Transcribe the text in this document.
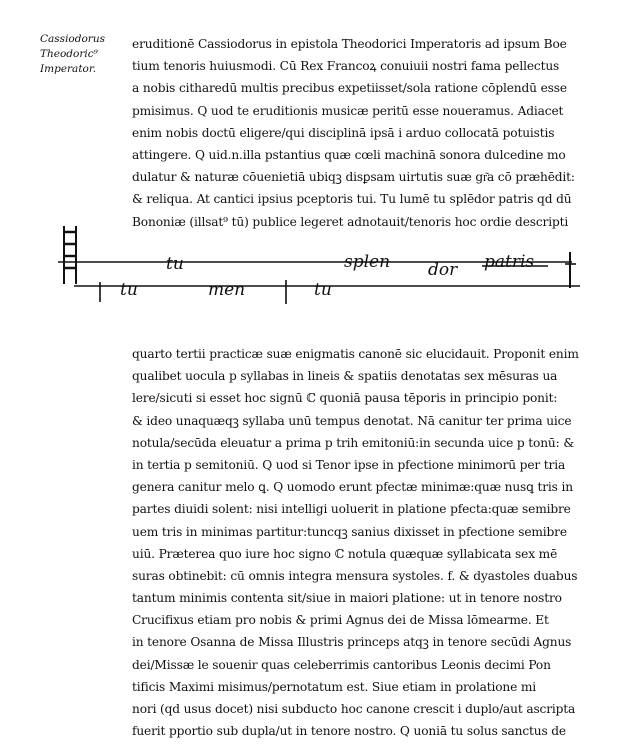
Cassiodorus
Theodoric⁹
Imperator.
eruditionē Cassiodorus in epistola Theodorici Imperatoris ad ipsum Boe
tium tenoris huiusmodi. Cū Rex Francoꝝ conuiuii nostri fama pellectus
a nobis citharedū multis precibus expetiisset/sola ratione cōplendū esse
pmisimus. Q uod te eruditionis musicæ peritū esse noueramus. Adiacet
enim nobis doctū eligere/qui disciplinā ipsā i arduo collocatā potuistis
attingere. Q uid.n.illa pstantius quæ cœli machinā sonora dulcedine mo
dulatur & naturæ cōuenietiā ubiqꝫ disꝑsam uirtutis suæ gr͂a cō præhēdit:
& reliqua. At cantici ipsius pceptoris tui. Tu lumē tu splēdor patris qd dū
Bononiæ (illsat⁹ tū) publice legeret adnotauit/tenoris hoc ordie descripti
tu	splen dor patris
tu	men	tu
quarto tertii practicæ suæ enigmatis canonē sic elucidauit. Proponit enim
qualibet uocula p syllabas in lineis & spatiis denotatas sex mēsuras ua
lere/sicuti si esset hoc signū ℂ quoniā pausa tēporis in principio ponit:
& ideo unaquæqꝫ syllaba unū tempus denotat. Nā canitur ter prima uice
notula/secūda eleuatur a prima p trih emitoniū:in secunda uice p tonū: &
in tertia p semitoniū. Q uod si Tenor ipse in pfectione minimorū per tria
genera canitur melo ꝗ. Q uomodo erunt pfectæ minimæ:quæ nusꝗ tris in
partes diuidi solent: nisi intelligi uoluerit in platione pfecta:quæ semibre
uem tris in minimas partitur:tuncqꝫ sanius dixisset in pfectione semibre
uiū. Præterea quo iure hoc signo ℂ notula quæquæ syllabicata sex mē
suras obtinebit: cū omnis integra mensura systoles. f. & dyastoles duabus
tantum minimis contenta sit/siue in maiori platione: ut in tenore nostro
Crucifixus etiam pro nobis & primi Agnus dei de Missa lōmearme. Et
in tenore Osanna de Missa Illustris princeps atqꝫ in tenore secūdi Agnus
dei/Missæ le souenir quas celeberrimis cantoribus Leonis decimi Pon
tificis Maximi misimus/pernotatum est. Siue etiam in prolatione mi
nori (qd usus docet) nisi subducto hoc canone crescit i duplo/aut ascripta
fuerit pportio sub dupla/ut in tenore nostro. Q uoniā tu solus sanctus de
